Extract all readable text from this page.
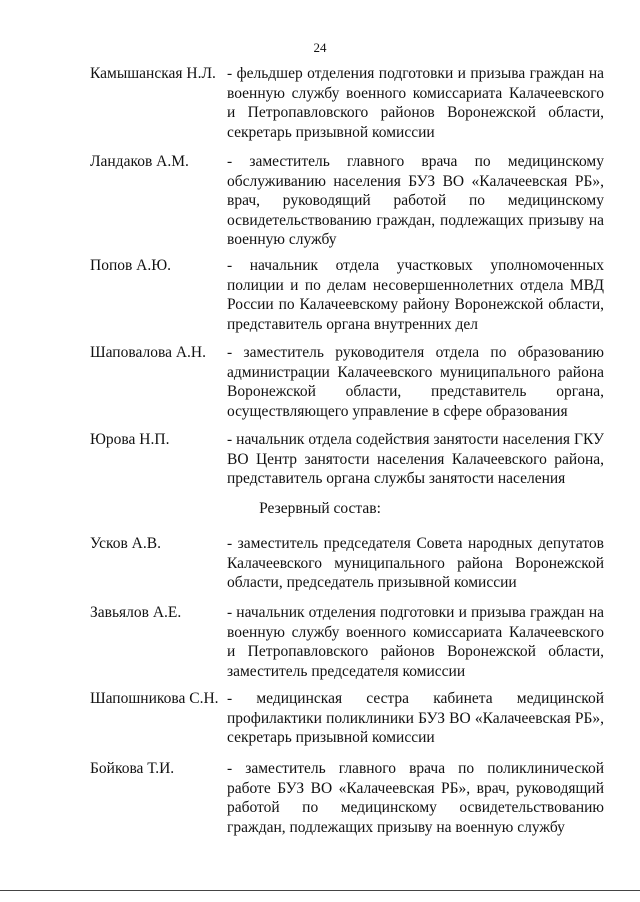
24
Камышанская Н.Л. - фельдшер отделения подготовки и призыва граждан на военную службу военного комиссариата Калачеевского и Петропавловского районов Воронежской области, секретарь призывной комиссии
Ландаков А.М.	- заместитель главного врача по медицинскому обслуживанию населения БУЗ ВО «Калачеевская РБ», врач, руководящий работой по медицинскому освидетельствованию граждан, подлежащих призыву на военную службу
Попов А.Ю.	- начальник отдела участковых уполномоченных полиции и по делам несовершеннолетних отдела МВД России по Калачеевскому району Воронежской области, представитель органа внутренних дел
Шаповалова А.Н.	- заместитель руководителя отдела по образованию администрации Калачеевского муниципального района Воронежской области, представитель органа, осуществляющего управление в сфере образования
Юрова Н.П.	- начальник отдела содействия занятости населения ГКУ ВО Центр занятости населения Калачеевского района, представитель органа службы занятости населения
Резервный состав:
Усков А.В.	- заместитель председателя Совета народных депутатов Калачеевского муниципального района Воронежской области, председатель призывной комиссии
Завьялов А.Е.	- начальник отделения подготовки и призыва граждан на военную службу военного комиссариата Калачеевского и Петропавловского районов Воронежской области, заместитель председателя комиссии
Шапошникова С.Н. - медицинская сестра кабинета медицинской профилактики поликлиники БУЗ ВО «Калачеевская РБ», секретарь призывной комиссии
Бойкова Т.И.	- заместитель главного врача по поликлинической работе БУЗ ВО «Калачеевская РБ», врач, руководящий работой по медицинскому освидетельствованию граждан, подлежащих призыву на военную службу
